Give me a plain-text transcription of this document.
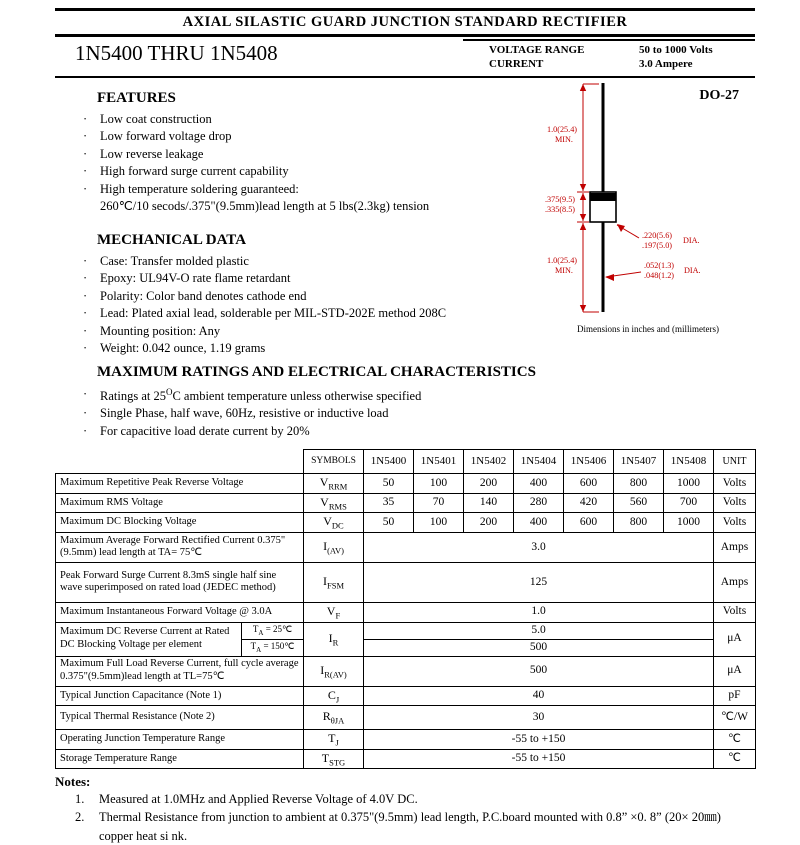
AXIAL SILASTIC GUARD JUNCTION STANDARD RECTIFIER
1N5400 THRU 1N5408	VOLTAGE RANGE	50 to 1000 Volts
CURRENT	3.0 Ampere
FEATURES
·	Low coat construction
·	Low forward voltage drop
·	Low reverse leakage
·	High forward surge current capability
·	High temperature soldering guaranteed:
260℃/10 secods/.375"(9.5mm)lead length at 5 lbs(2.3kg) tension
MECHANICAL DATA
·	Case: Transfer molded plastic
·	Epoxy: UL94V-O rate flame retardant
·	Polarity: Color band denotes cathode end
·	Lead: Plated axial lead, solderable per MIL-STD-202E method 208C
·	Mounting position: Any
·	Weight: 0.042 ounce, 1.19 grams
DO-27
1.0(25.4)
MIN.
.375(9.5)
.335(8.5)
.220(5.6)
.197(5.0)
DIA.
1.0(25.4)
MIN.
.052(1.3)
.048(1.2)
DIA.
Dimensions in inches and (millimeters)
MAXIMUM RATINGS AND ELECTRICAL CHARACTERISTICS
·	Ratings at $25^OC$ ambient temperature unless otherwise specified
·	Single Phase, half wave, 60Hz, resistive or inductive load
·	For capacitive load derate current by 20%
		SYMBOLS	1N5400	1N5401	1N5402	1N5404	1N5406	1N5407	1N5408	UNIT
Maximum Repetitive Peak Reverse Voltage		$V_{RRM}$	50	100	200	400	600	800	1000	Volts
Maximum RMS Voltage		$V_{RMS}$	35	70	140	280	420	560	700	Volts
Maximum DC Blocking Voltage		$V_{DC}$	50	100	200	400	600	800	1000	Volts
Maximum Average Forward Rectified Current 0.375"(9.5mm) lead length at TA= 75℃		$I_{(AV)}$	3.0							Amps
Peak Forward Surge Current 8.3mS single half sine wave superimposed on rated load (JEDEC method)		$I_{FSM}$	125							Amps
Maximum Instantaneous Forward Voltage @ 3.0A		$V_F$	1.0							Volts
Maximum DC Reverse Current at Rated DC Blocking Voltage per element	$T_A$ = 25℃	$I_R$	5.0							μA
	$T_A$ = 150℃		500							
Maximum Full Load Reverse Current, full cycle average 0.375"(9.5mm)lead length at TL=75℃		$I_{R(AV)}$	500							μA
Typical Junction Capacitance (Note 1)		$C_J$	40							pF
Typical Thermal Resistance (Note 2)		$R_{\theta JA}$	30							℃/W
Operating Junction Temperature Range		$T_J$	-55 to +150							℃
Storage Temperature Range		$T_{STG}$	-55 to +150							℃
Notes:
1.	Measured at 1.0MHz and Applied Reverse Voltage of 4.0V DC.
2.	Thermal Resistance from junction to ambient at 0.375"(9.5mm) lead length, P.C.board mounted with 0.8” ×0. 8” (20× 20㎜) copper heat si nk.
